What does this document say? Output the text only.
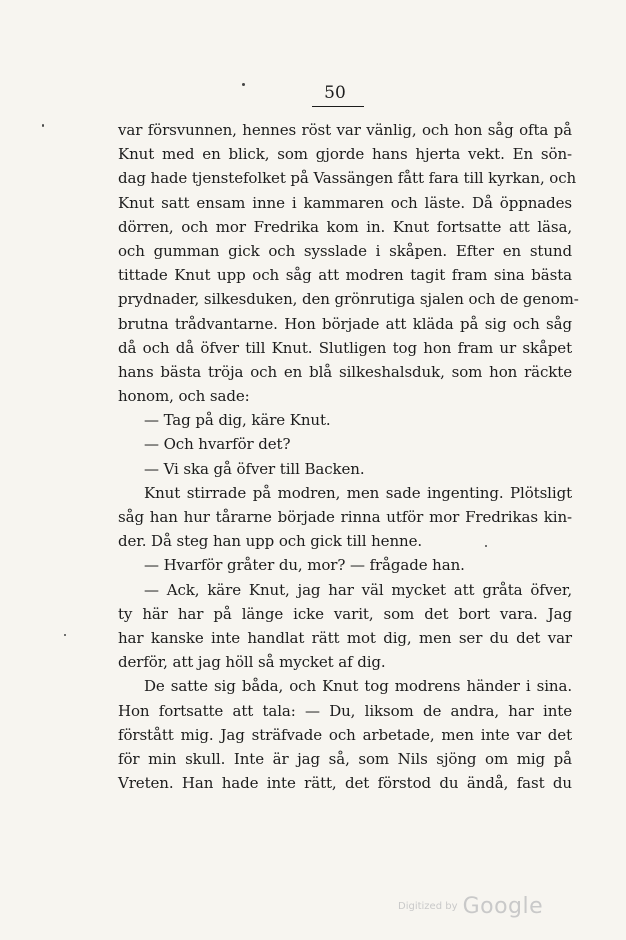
50
var försvunnen, hennes röst var vänlig, och hon såg ofta på
Knut med en blick, som gjorde hans hjerta vekt. En sön-
dag hade tjenstefolket på Vassängen fått fara till kyrkan, och
Knut satt ensam inne i kammaren och läste. Då öppnades
dörren, och mor Fredrika kom in. Knut fortsatte att läsa,
och gumman gick och sysslade i skåpen. Efter en stund
tittade Knut upp och såg att modren tagit fram sina bästa
prydnader, silkesduken, den grönrutiga sjalen och de genom-
brutna trådvantarne. Hon började att kläda på sig och såg
då och då öfver till Knut. Slutligen tog hon fram ur skåpet
hans bästa tröja och en blå silkeshalsduk, som hon räckte
honom, och sade:
— Tag på dig, käre Knut.
— Och hvarför det?
— Vi ska gå öfver till Backen.
Knut stirrade på modren, men sade ingenting. Plötsligt
såg han hur tårarne började rinna utför mor Fredrikas kin-
der. Då steg han upp och gick till henne.
— Hvarför gråter du, mor? — frågade han.
— Ack, käre Knut, jag har väl mycket att gråta öfver,
ty här har på länge icke varit, som det bort vara. Jag
har kanske inte handlat rätt mot dig, men ser du det var
derför, att jag höll så mycket af dig.
De satte sig båda, och Knut tog modrens händer i sina.
Hon fortsatte att tala: — Du, liksom de andra, har inte
förstått mig. Jag sträfvade och arbetade, men inte var det
för min skull. Inte är jag så, som Nils sjöng om mig på
Vreten. Han hade inte rätt, det förstod du ändå, fast du
Digitized by Google
